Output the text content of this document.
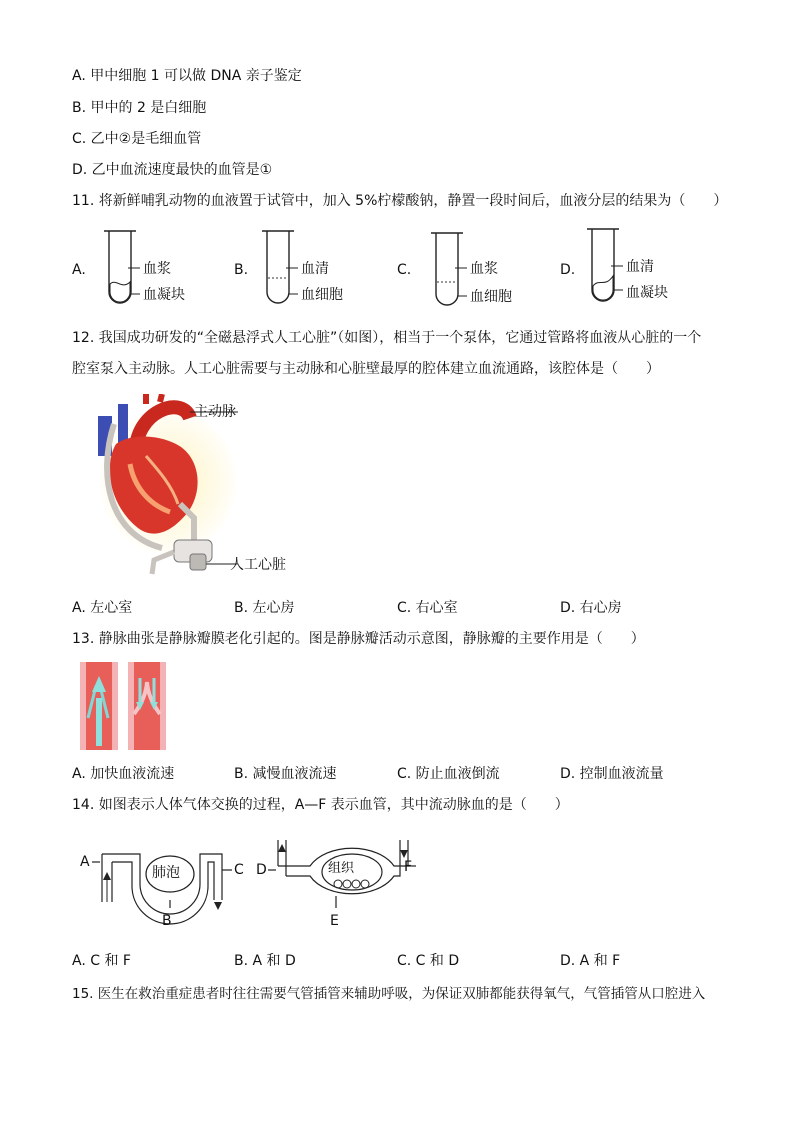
A. 甲中细胞 1 可以做 DNA 亲子鉴定
B. 甲中的 2 是白细胞
C. 乙中②是毛细血管
D. 乙中血流速度最快的血管是①
11. 将新鲜哺乳动物的血液置于试管中，加入 5%柠檬酸钠，静置一段时间后，血液分层的结果为（　　）
A.	血浆
血凝块
B.	血清
血细胞
C.	血浆
血细胞
D.	血清
血凝块
12. 我国成功研发的“全磁悬浮式人工心脏”（如图），相当于一个泵体，它通过管路将血液从心脏的一个
腔室泵入主动脉。人工心脏需要与主动脉和心脏壁最厚的腔体建立血流通路，该腔体是（　　）
主动脉
人工心脏
A. 左心室	B. 左心房	C. 右心室	D. 右心房
13. 静脉曲张是静脉瓣膜老化引起的。图是静脉瓣活动示意图，静脉瓣的主要作用是（　　）
A. 加快血液流速	B. 减慢血液流速	C. 防止血液倒流	D. 控制血液流量
14. 如图表示人体气体交换的过程，A—F 表示血管，其中流动脉血的是（　　）
A
B
C D
E
F
肺泡	组织
A. C 和 F	B. A 和 D	C. C 和 D	D. A 和 F
15. 医生在救治重症患者时往往需要气管插管来辅助呼吸，为保证双肺都能获得氧气，气管插管从口腔进入
